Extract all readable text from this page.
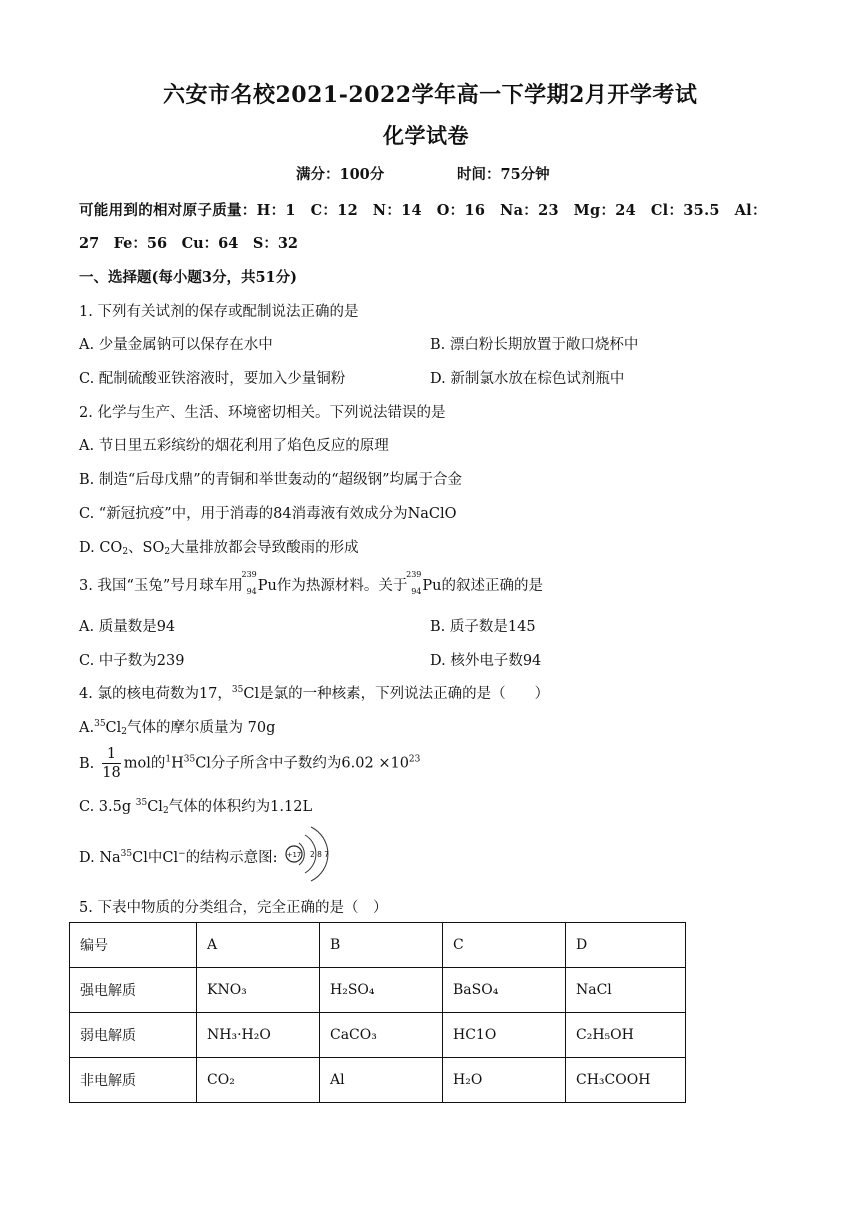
六安市名校2021-2022学年高一下学期2月开学考试
化学试卷
满分：100分	时间：75分钟
可能用到的相对原子质量：H：1　C：12　N：14　O：16　Na：23　Mg：24　Cl：35.5　Al：
27　Fe：56　Cu：64　S：32
一、选择题(每小题3分，共51分)
1. 下列有关试剂的保存或配制说法正确的是
A. 少量金属钠可以保存在水中	B. 漂白粉长期放置于敞口烧杯中
C. 配制硫酸亚铁溶液时，要加入少量铜粉	D. 新制氯水放在棕色试剂瓶中
2. 化学与生产、生活、环境密切相关。下列说法错误的是
A. 节日里五彩缤纷的烟花利用了焰色反应的原理
B. 制造“后母戊鼎”的青铜和举世轰动的“超级钢”均属于合金
C. “新冠抗疫”中，用于消毒的84消毒液有效成分为NaClO
D. $CO_2$、$SO_2$大量排放都会导致酸雨的形成
3. 我国“玉兔”号月球车用
239
94 Pu作为热源材料。关于
239
94 Pu的叙述正确的是
A. 质量数是94	B. 质子数是145
C. 中子数为239	D. 核外电子数94
4. 氯的核电荷数为17，$^{35}$Cl是氯的一种核素，下列说法正确的是（　　）
$A.^{35}Cl_2$气体的摩尔质量为 70g
B. $\frac{1}{18}$ mol的$^1H^{35}Cl$分子所含中子数约为$6.02 \times 10^{23}$
C. 3.5g $^{35}Cl_2$气体的体积约为1.12L
D. Na$^{35}$Cl中Cl−的结构示意图: +17 2 8 7
5. 下表中物质的分类组合，完全正确的是（　）
编号	A	B	C	D
强电解质	KNO₃	H₂SO₄	BaSO₄	NaCl
弱电解质	NH₃·H₂O	CaCO₃	HC1O	C₂H₅OH
非电解质	CO₂	Al	H₂O	CH₃COOH
